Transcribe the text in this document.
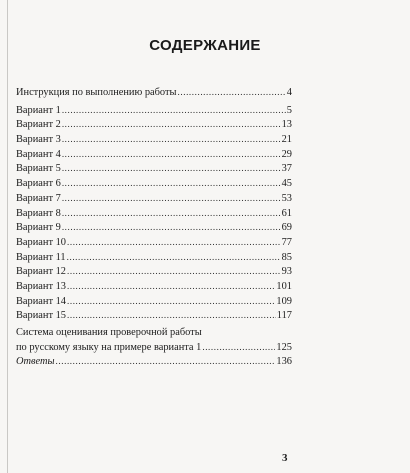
СОДЕРЖАНИЕ
Инструкция по выполнению работы .....	4
Вариант 1 .....	5
Вариант 2 .....	13
Вариант 3 .....	21
Вариант 4 .....	29
Вариант 5 .....	37
Вариант 6 .....	45
Вариант 7 .....	53
Вариант 8 .....	61
Вариант 9 .....	69
Вариант 10 .....	77
Вариант 11 .....	85
Вариант 12 .....	93
Вариант 13 .....	101
Вариант 14 .....	109
Вариант 15 .....	117
Система оценивания проверочной работы
по русскому языку на примере варианта 1 .....	125
Ответы .....	136
3
